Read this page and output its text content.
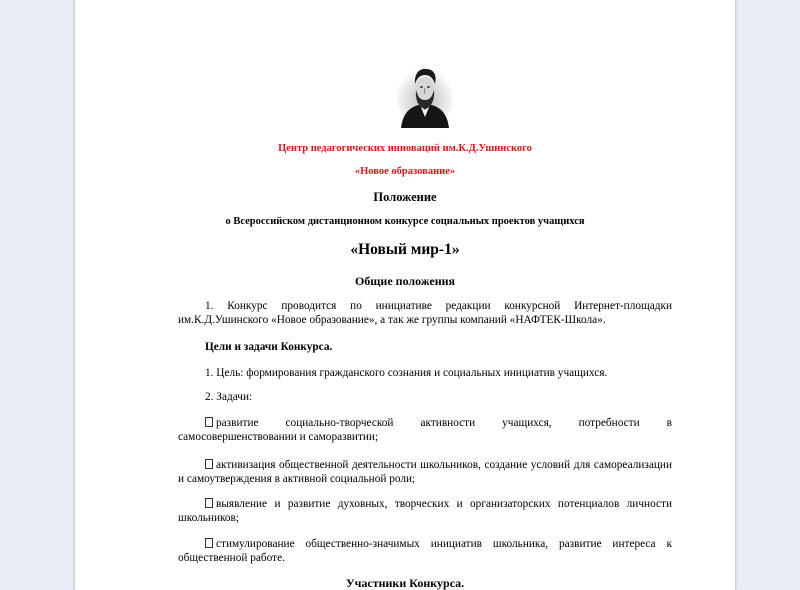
Центр педагогических инноваций им.К.Д.Ушинского
«Новое образование»
Положение
о Всероссийском дистанционном конкурсе социальных проектов учащихся
«Новый мир-1»
Общие положения
1. Конкурс проводится по инициативе редакции конкурсной Интернет-площадки им.К.Д.Ушинского «Новое образование», а так же группы компаний «НАФТЕК-Школа».
Цели и задачи Конкурса.
1. Цель: формирования гражданского сознания и социальных инициатив учащихся.
2. Задачи:
развитие социально-творческой активности учащихся, потребности в самосовершенствовании и саморазвитии;
активизация общественной деятельности школьников, создание условий для самореализации и самоутверждения в активной социальной роли;
выявление и развитие духовных, творческих и организаторских потенциалов личности школьников;
стимулирование общественно-значимых инициатив школьника, развитие интереса к общественной работе.
Участники Конкурса.
